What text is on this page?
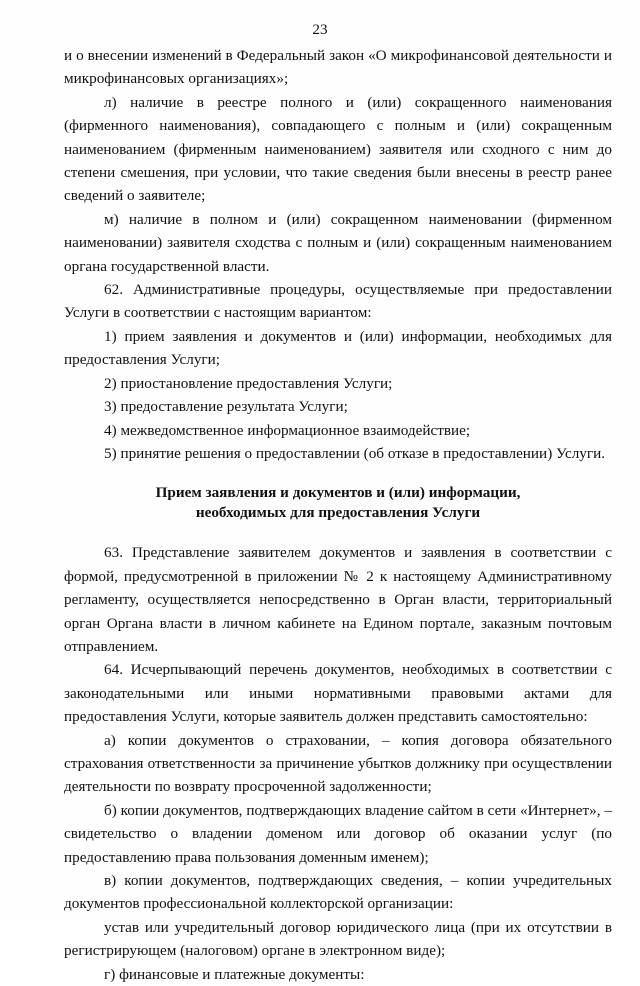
23

и о внесении изменений в Федеральный закон «О микрофинансовой деятельности и микрофинансовых организациях»;

л) наличие в реестре полного и (или) сокращенного наименования (фирменного наименования), совпадающего с полным и (или) сокращенным наименованием (фирменным наименованием) заявителя или сходного с ним до степени смешения, при условии, что такие сведения были внесены в реестр ранее сведений о заявителе;

м) наличие в полном и (или) сокращенном наименовании (фирменном наименовании) заявителя сходства с полным и (или) сокращенным наименованием органа государственной власти.

62. Административные процедуры, осуществляемые при предоставлении Услуги в соответствии с настоящим вариантом:

1) прием заявления и документов и (или) информации, необходимых для предоставления Услуги;

2) приостановление предоставления Услуги;

3) предоставление результата Услуги;

4) межведомственное информационное взаимодействие;

5) принятие решения о предоставлении (об отказе в предоставлении) Услуги.

Прием заявления и документов и (или) информации,
необходимых для предоставления Услуги

63. Представление заявителем документов и заявления в соответствии с формой, предусмотренной в приложении № 2 к настоящему Административному регламенту, осуществляется непосредственно в Орган власти, территориальный орган Органа власти в личном кабинете на Едином портале, заказным почтовым отправлением.

64. Исчерпывающий перечень документов, необходимых в соответствии с законодательными или иными нормативными правовыми актами для предоставления Услуги, которые заявитель должен представить самостоятельно:

а) копии документов о страховании, – копия договора обязательного страхования ответственности за причинение убытков должнику при осуществлении деятельности по возврату просроченной задолженности;

б) копии документов, подтверждающих владение сайтом в сети «Интернет», – свидетельство о владении доменом или договор об оказании услуг (по предоставлению права пользования доменным именем);

в) копии документов, подтверждающих сведения, – копии учредительных документов профессиональной коллекторской организации:

устав или учредительный договор юридического лица (при их отсутствии в регистрирующем (налоговом) органе в электронном виде);

г) финансовые и платежные документы:
